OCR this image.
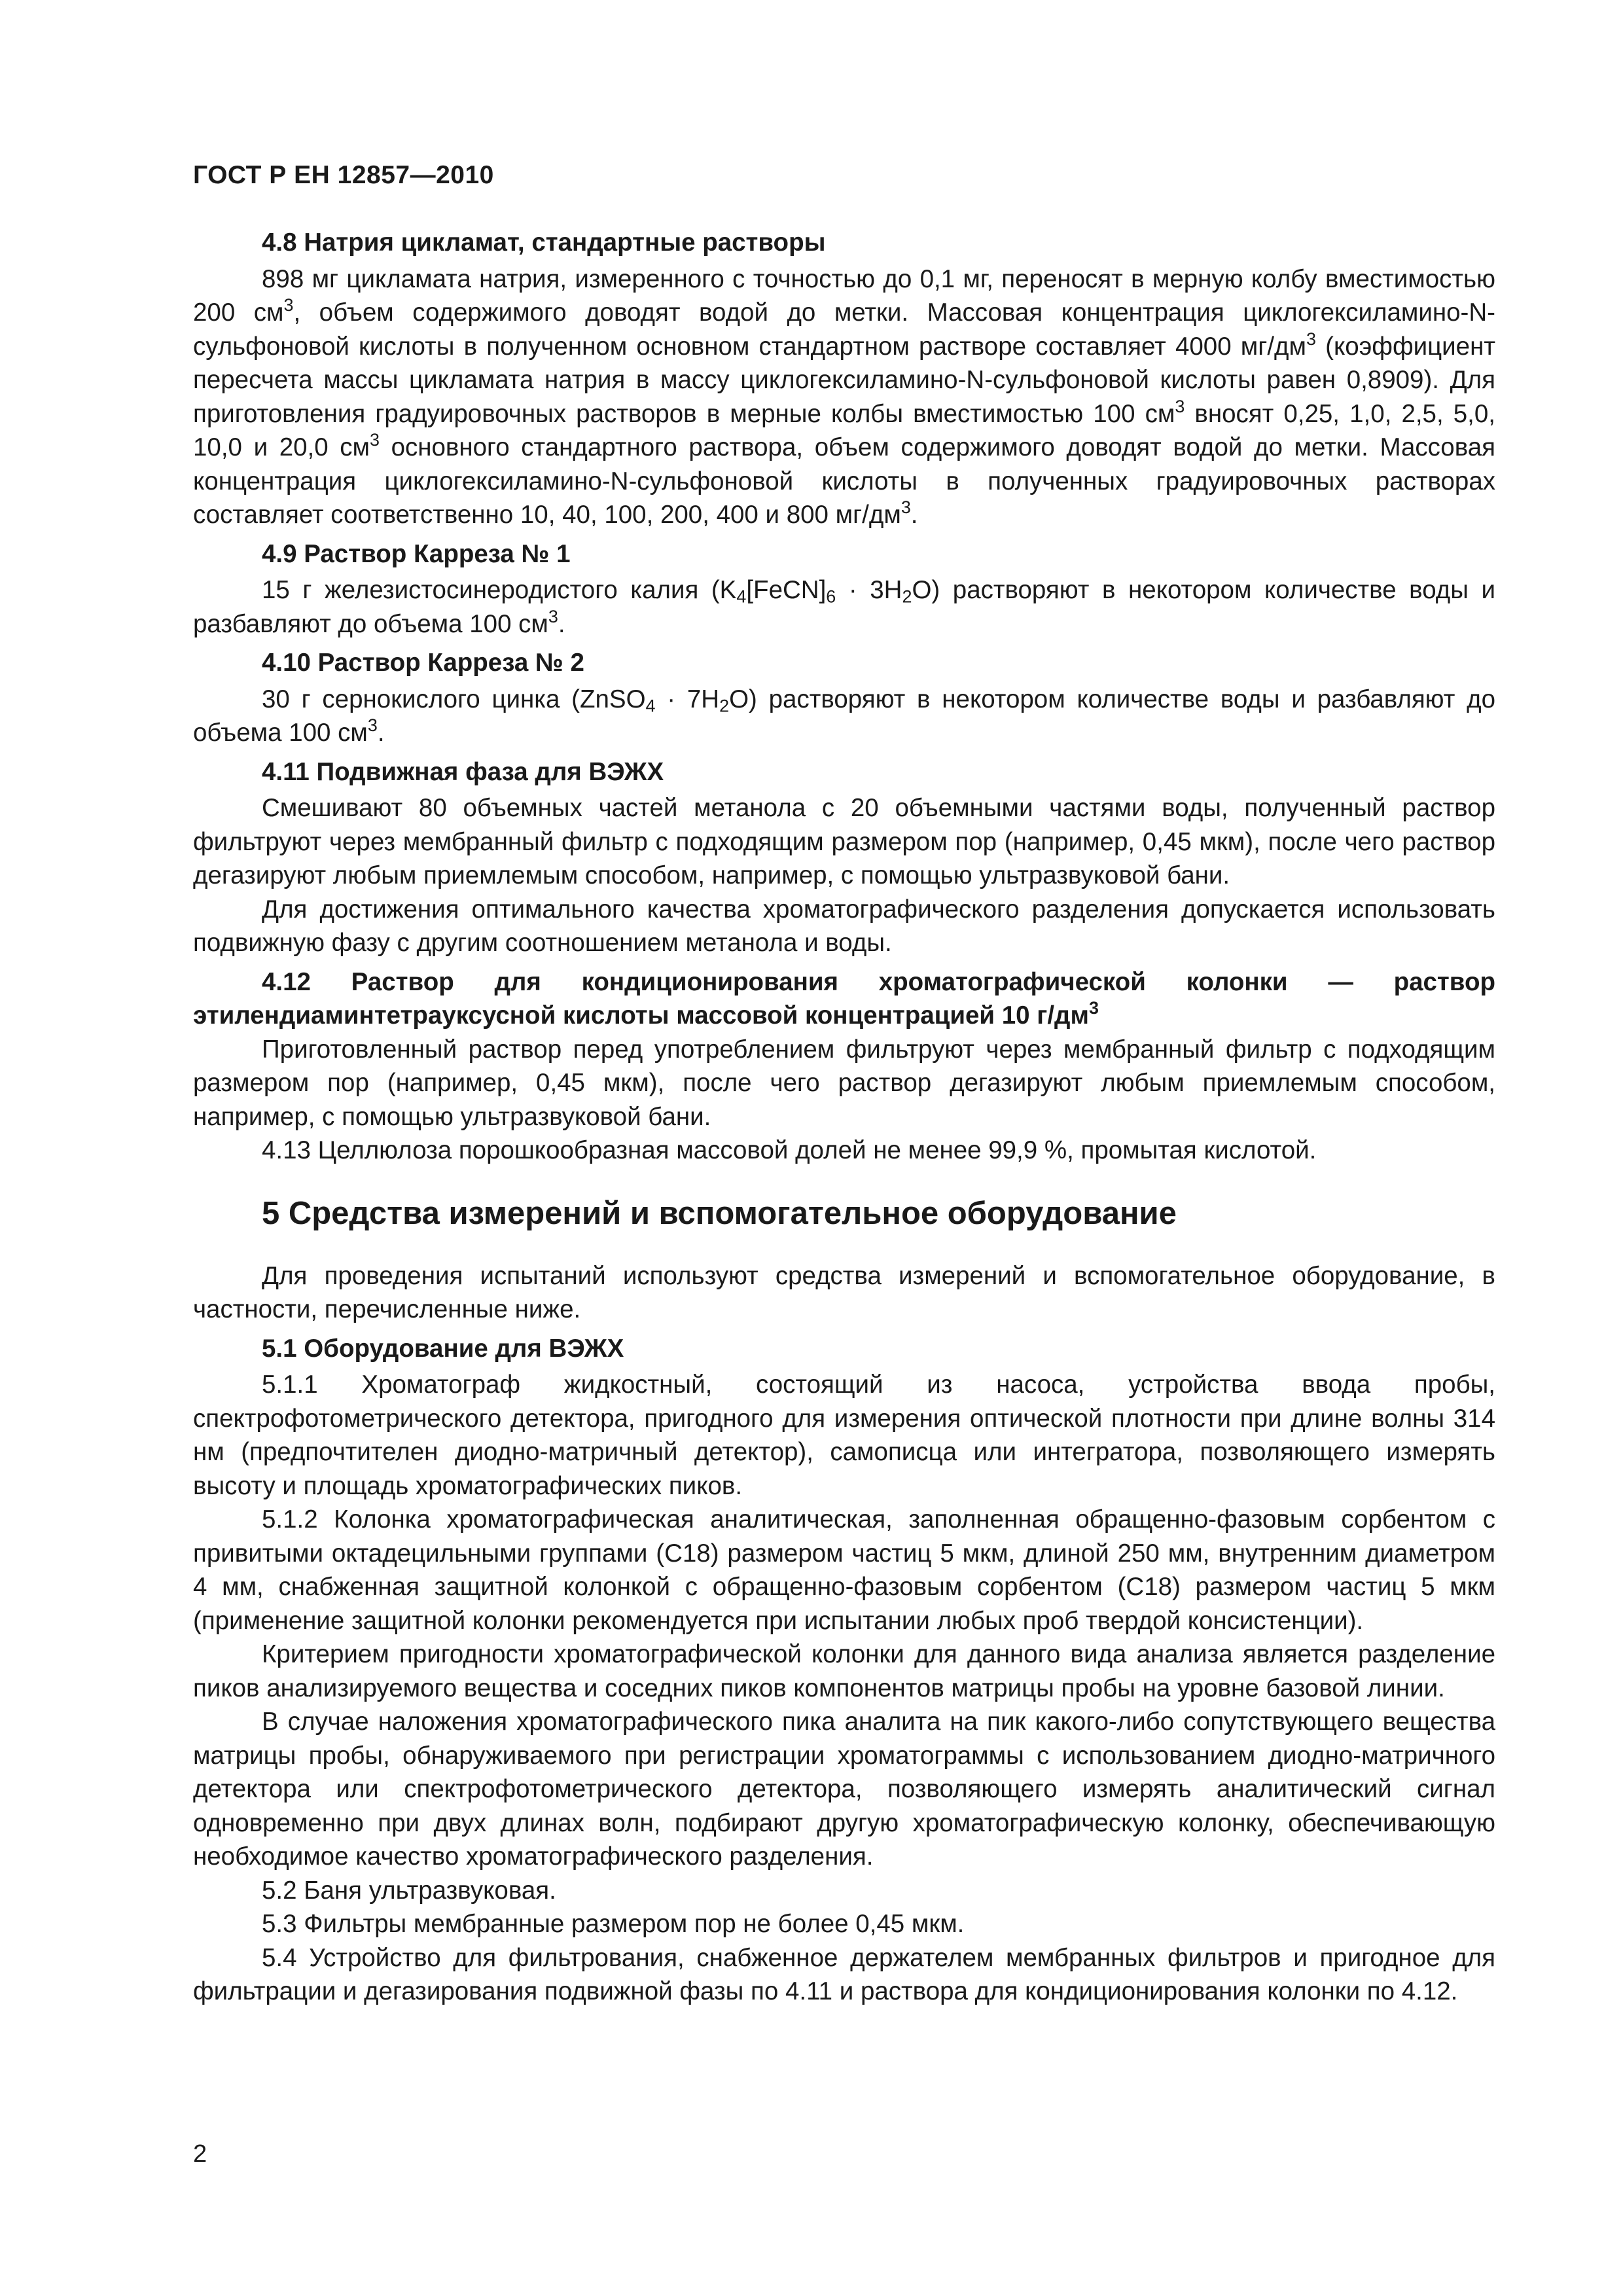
ГОСТ Р ЕН 12857—2010
4.8 Натрия цикламат, стандартные растворы

898 мг цикламата натрия, измеренного с точностью до 0,1 мг, переносят в мерную колбу вместимостью 200 $см^3$, объем содержимого доводят водой до метки. Массовая концентрация циклогексиламино-N-сульфоновой кислоты в полученном основном стандартном растворе составляет 4000 $мг/дм^3$ (коэффициент пересчета массы цикламата натрия в массу циклогексиламино-N-сульфоновой кислоты равен 0,8909). Для приготовления градуировочных растворов в мерные колбы вместимостью 100 $см^3$ вносят 0,25, 1,0, 2,5, 5,0, 10,0 и 20,0 $см^3$ основного стандартного раствора, объем содержимого доводят водой до метки. Массовая концентрация циклогексиламино-N-сульфоновой кислоты в полученных градуировочных растворах составляет соответственно 10, 40, 100, 200, 400 и 800 $мг/дм^3$.

4.9 Раствор Карреза № 1

15 г железистосинеродистого калия $(K_4[FeCN]_6 \cdot 3H_2O)$ растворяют в некотором количестве воды и разбавляют до объема 100 $см^3$.

4.10 Раствор Карреза № 2

30 г сернокислого цинка (ZnSO$_4$ · $7H_2O$) растворяют в некотором количестве воды и разбавляют до объема 100 $см^3$.

4.11 Подвижная фаза для ВЭЖХ

Смешивают 80 объемных частей метанола с 20 объемными частями воды, полученный раствор фильтруют через мембранный фильтр с подходящим размером пор (например, 0,45 мкм), после чего раствор дегазируют любым приемлемым способом, например, с помощью ультразвуковой бани.

Для достижения оптимального качества хроматографического разделения допускается использовать подвижную фазу с другим соотношением метанола и воды.

4.12 Раствор для кондиционирования хроматографической колонки — раствор этилендиаминтетрауксусной кислоты массовой концентрацией 10 $г/дм^3$

Приготовленный раствор перед употреблением фильтруют через мембранный фильтр с подходящим размером пор (например, 0,45 мкм), после чего раствор дегазируют любым приемлемым способом, например, с помощью ультразвуковой бани.

4.13 Целлюлоза порошкообразная массовой долей не менее 99,9 %, промытая кислотой.

5 Средства измерений и вспомогательное оборудование

Для проведения испытаний используют средства измерений и вспомогательное оборудование, в частности, перечисленные ниже.

5.1 Оборудование для ВЭЖХ

5.1.1 Хроматограф жидкостный, состоящий из насоса, устройства ввода пробы, спектрофотометрического детектора, пригодного для измерения оптической плотности при длине волны 314 нм (предпочтителен диодно-матричный детектор), самописца или интегратора, позволяющего измерять высоту и площадь хроматографических пиков.

5.1.2 Колонка хроматографическая аналитическая, заполненная обращенно-фазовым сорбентом с привитыми октадецильными группами (С18) размером частиц 5 мкм, длиной 250 мм, внутренним диаметром 4 мм, снабженная защитной колонкой с обращенно-фазовым сорбентом (С18) размером частиц 5 мкм (применение защитной колонки рекомендуется при испытании любых проб твердой консистенции).

Критерием пригодности хроматографической колонки для данного вида анализа является разделение пиков анализируемого вещества и соседних пиков компонентов матрицы пробы на уровне базовой линии.

В случае наложения хроматографического пика аналита на пик какого-либо сопутствующего вещества матрицы пробы, обнаруживаемого при регистрации хроматограммы с использованием диодно-матричного детектора или спектрофотометрического детектора, позволяющего измерять аналитический сигнал одновременно при двух длинах волн, подбирают другую хроматографическую колонку, обеспечивающую необходимое качество хроматографического разделения.

5.2 Баня ультразвуковая.

5.3 Фильтры мембранные размером пор не более 0,45 мкм.

5.4 Устройство для фильтрования, снабженное держателем мембранных фильтров и пригодное для фильтрации и дегазирования подвижной фазы по 4.11 и раствора для кондиционирования колонки по 4.12.

2
